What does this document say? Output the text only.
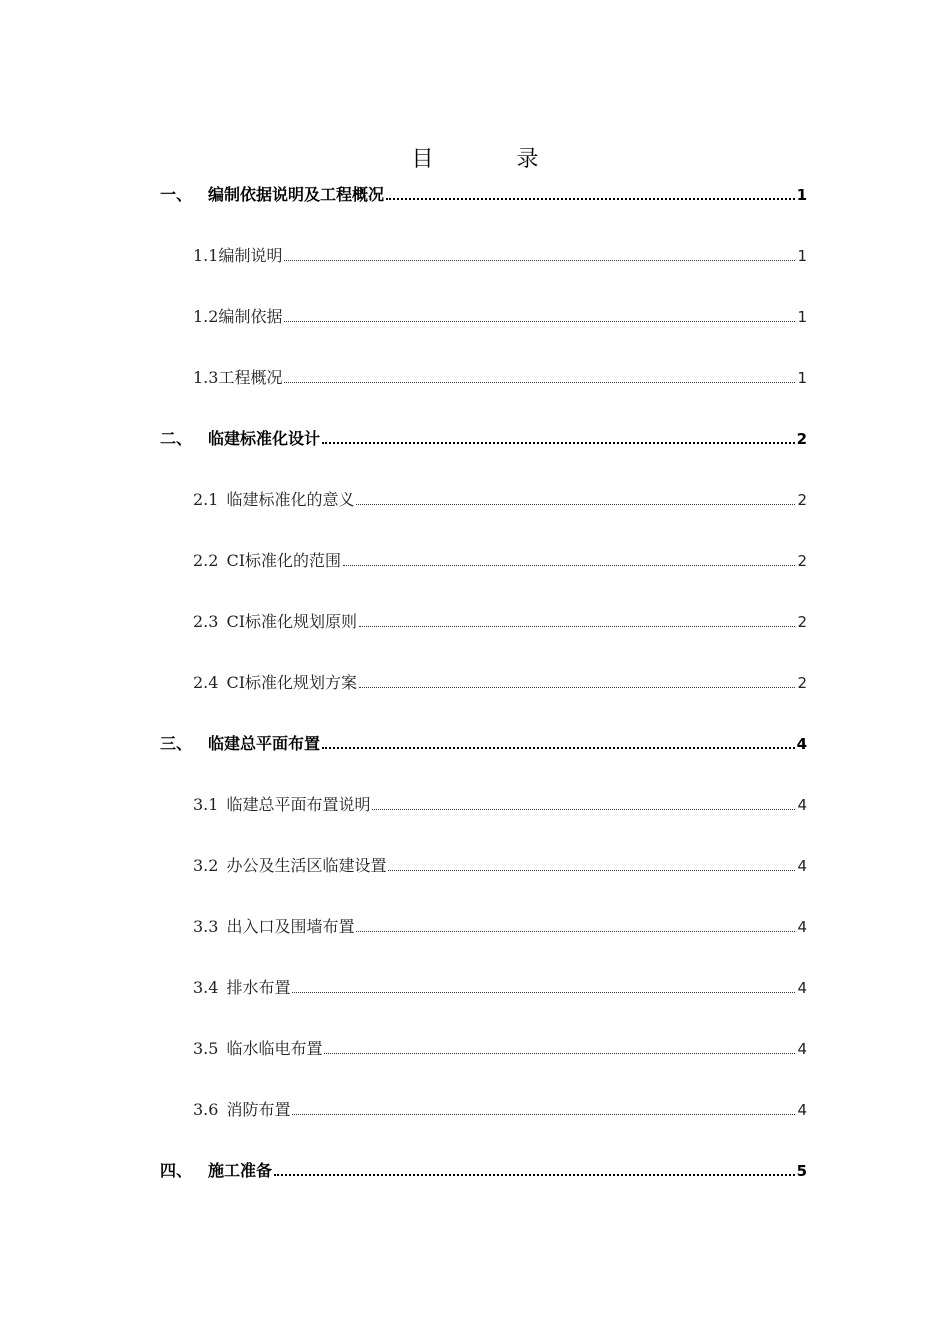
目 录
一、 编制依据说明及工程概况	1
1.1 编制说明	1
1.2 编制依据	1
1.3 工程概况	1
二、 临建标准化设计	2
2.1 临建标准化的意义	2
2.2 CI标准化的范围	2
2.3 CI标准化规划原则	2
2.4 CI标准化规划方案	2
三、 临建总平面布置	4
3.1 临建总平面布置说明	4
3.2 办公及生活区临建设置	4
3.3 出入口及围墙布置	4
3.4 排水布置	4
3.5 临水临电布置	4
3.6 消防布置	4
四、 施工准备	5
